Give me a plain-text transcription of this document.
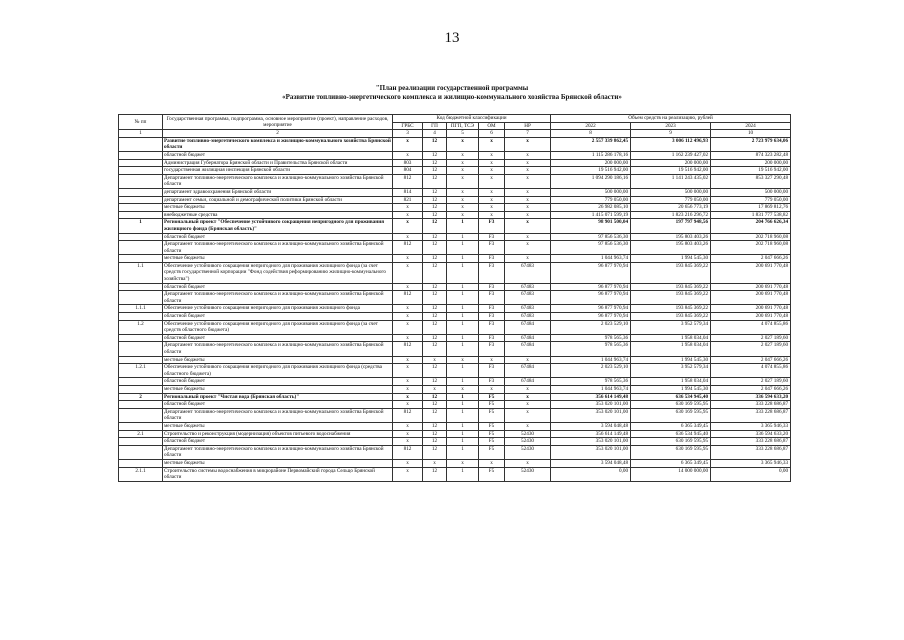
13
"План реализации государственной программы
«Развитие топливно-энергетического комплекса и жилищно-коммунального хозяйства Брянской области»
№ пп	Государственная программа, подпрограмма, основное мероприятие (проект), направление расходов, мероприятие	Код бюджетной классификации					Объем средств на реализацию, рублей		
		ГРБС	ГП	ПГП, ТСЭ	ОМ	НР	2022	2023	2024
1	2	3	4	5	6	7	8	9	10
	Развитие топливно-энергетического комплекса и жилищно-коммунального хозяйства Брянской области	х	12	х	х	х	2 557 339 862,45	3 006 112 496,93	2 723 979 634,06
	областной бюджет	х	12	х	х	х	1 115 286 178,16	1 162 239 427,02	874 323 282,48
	Администрация Губернатора Брянской области и Правительства Брянской области	803	12	х	х	х	200 000,00	200 000,00	200 000,00
	государственная жилищная инспекция Брянской области	804	12	х	х	х	19 516 942,00	19 516 942,00	19 516 942,00
	Департамент топливно-энергетического комплекса и жилищно-коммунального хозяйства Брянской области	812	12	х	х	х	1 094 290 186,16	1 141 243 435,02	853 327 290,48
	департамент здравоохранения Брянской области	814	12	х	х	х	500 000,00	500 000,00	500 000,00
	департамент семьи, социальной и демографической политики Брянской области	821	12	х	х	х	779 050,00	779 050,00	779 050,00
	местные бюджеты	х	12	х	х	х	26 982 085,10	20 656 773,19	17 869 812,76
	внебюджетные средства	х	12	х	х	х	1 415 071 599,19	1 823 216 296,72	1 831 777 538,82
1	Региональный проект "Обеспечение устойчивого сокращения непригодного для проживания жилищного фонда (Брянская область)"	х	12	1	F3	х	98 901 500,04	197 797 948,56	204 766 626,34
	областной бюджет	х	12	1	F3	х	97 856 536,30	195 803 403,26	202 718 960,08
	Департамент топливно-энергетического комплекса и жилищно-коммунального хозяйства Брянской области	812	12	1	F3	х	97 856 536,30	195 803 403,26	202 718 960,08
	местные бюджеты	х	12	1	F3	х	1 044 963,74	1 994 545,30	2 047 666,26
1.1	Обеспечение устойчивого сокращения непригодного для проживания жилищного фонда (за счет средств государственной корпорации "Фонд содействия реформированию жилищно-коммунального хозяйства")	х	12	1	F3	67483	96 877 970,94	193 845 369,22	200 691 770,48
	областной бюджет	х	12	1	F3	67483	96 877 970,94	193 845 369,22	200 691 770,48
	Департамент топливно-энергетического комплекса и жилищно-коммунального хозяйства Брянской области	812	12	1	F3	67483	96 877 970,94	193 845 369,22	200 691 770,48
1.1.1	Обеспечение устойчивого сокращения непригодного для проживания жилищного фонда	х	12	1	F3	67483	96 877 970,94	193 845 369,22	200 691 770,48
	областной бюджет	х	12	1	F3	67483	96 877 970,94	193 845 369,22	200 691 770,48
1.2	Обеспечение устойчивого сокращения непригодного для проживания жилищного фонда (за счет средств областного бюджета)	х	12	1	F3	67484	2 023 529,10	3 952 579,34	4 074 855,86
	областной бюджет	х	12	1	F3	67484	978 565,36	1 958 034,04	2 027 189,60
	Департамент топливно-энергетического комплекса и жилищно-коммунального хозяйства Брянской области	812	12	1	F3	67484	978 565,36	1 958 034,04	2 027 189,60
	местные бюджеты	х	х	х	х	х	1 044 963,74	1 994 545,30	2 047 666,26
1.2.1	Обеспечение устойчивого сокращения непригодного для проживания жилищного фонда (средства областного бюджета)	х	12	1	F3	67484	2 023 529,10	3 952 579,34	4 074 855,86
	областной бюджет	х	12	1	F3	67484	978 565,36	1 958 034,04	2 027 189,60
	местные бюджеты	х	х	х	х	х	1 044 963,74	1 994 545,30	2 047 666,26
2	Региональный проект "Чистая вода (Брянская область)"	х	12	1	F5	х	356 614 149,48	636 534 945,40	336 594 633,20
	областной бюджет	х	12	1	F5	х	353 020 101,00	630 169 595,95	333 228 686,87
	Департамент топливно-энергетического комплекса и жилищно-коммунального хозяйства Брянской области	812	12	1	F5	х	353 020 101,00	630 169 595,95	333 228 686,87
	местные бюджеты	х	12	1	F5	х	3 594 048,48	6 365 349,45	3 365 946,33
2.1	Строительство и реконструкция (модернизация) объектов питьевого водоснабжения	х	12	1	F5	52430	356 614 149,48	636 534 945,40	336 594 633,20
	областной бюджет	х	12	1	F5	52430	353 020 101,00	630 169 595,95	333 228 686,87
	Департамент топливно-энергетического комплекса и жилищно-коммунального хозяйства Брянской области	812	12	1	F5	52430	353 020 101,00	630 169 595,95	333 228 686,87
	местные бюджеты	х	х	х	х	х	3 594 048,48	6 365 349,45	3 365 946,33
2.1.1	Строительство системы водоснабжения в микрорайоне Первомайский города Сельцо Брянской области	х	12	1	F5	52430	0,00	14 000 000,00	0,00
